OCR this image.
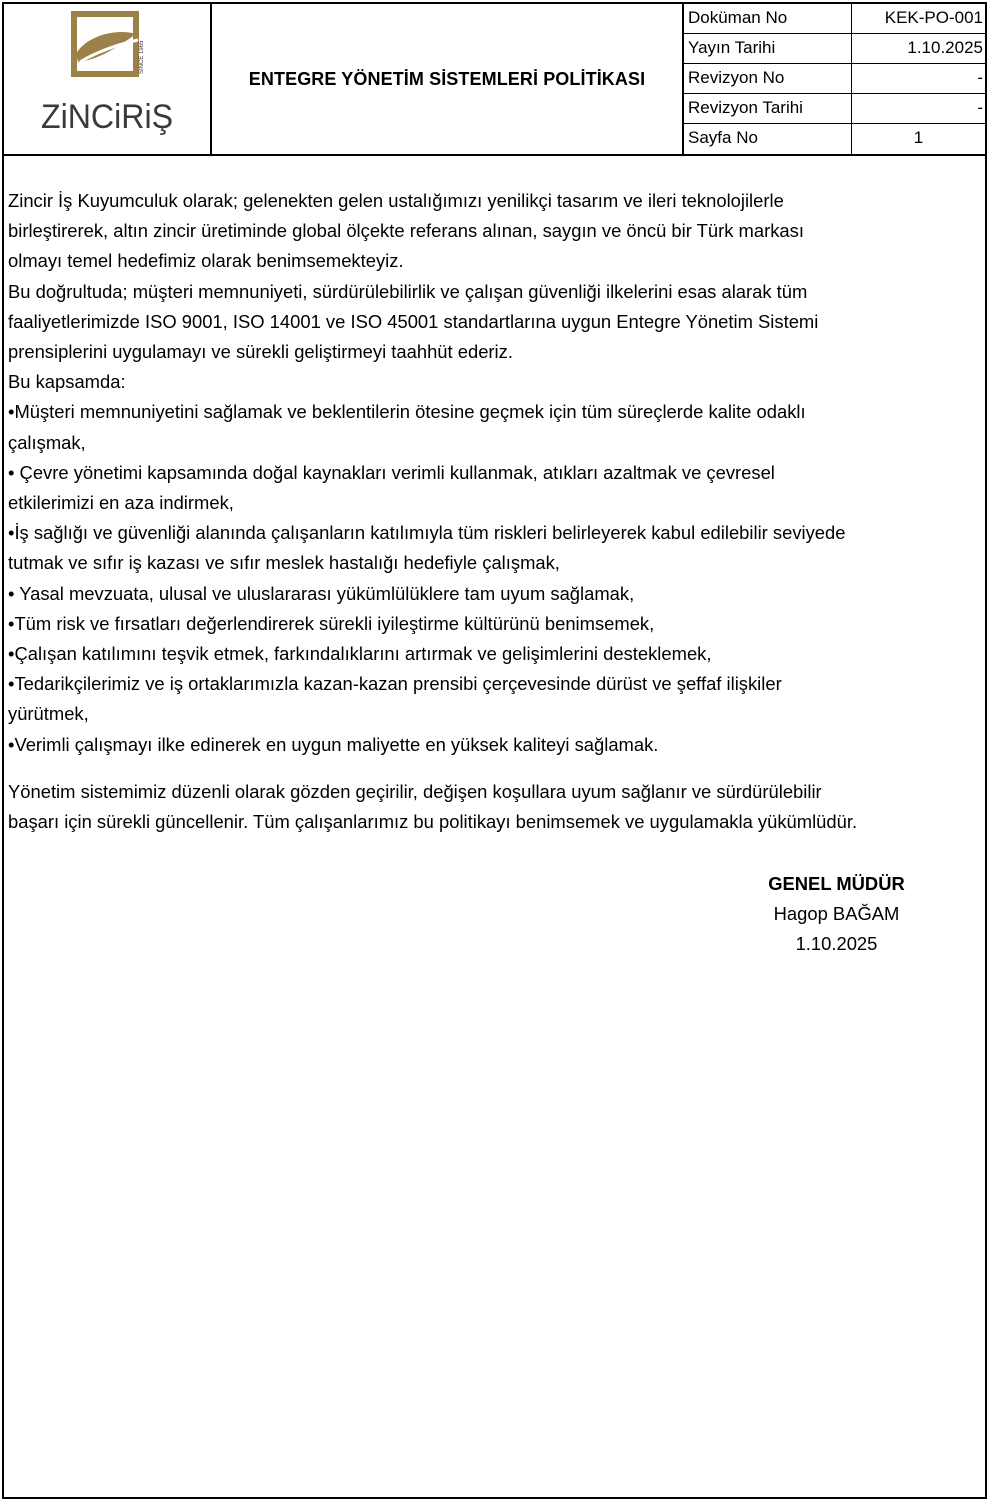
SINCE 1965
ZiNCiRiŞ
ENTEGRE YÖNETİM SİSTEMLERİ POLİTİKASI
Doküman No	KEK-PO-001
Yayın Tarihi	1.10.2025
Revizyon No	-
Revizyon Tarihi	-
Sayfa No	1

Zincir İş Kuyumculuk olarak; gelenekten gelen ustalığımızı yenilikçi tasarım ve ileri teknolojilerle

birleştirerek, altın zincir üretiminde global ölçekte referans alınan, saygın ve öncü bir Türk markası

olmayı temel hedefimiz olarak benimsemekteyiz.

Bu doğrultuda; müşteri memnuniyeti, sürdürülebilirlik ve çalışan güvenliği ilkelerini esas alarak tüm

faaliyetlerimizde ISO 9001, ISO 14001 ve ISO 45001 standartlarına uygun Entegre Yönetim Sistemi

prensiplerini uygulamayı ve sürekli geliştirmeyi taahhüt ederiz.

Bu kapsamda:

•Müşteri memnuniyetini sağlamak ve beklentilerin ötesine geçmek için tüm süreçlerde kalite odaklı

çalışmak,

• Çevre yönetimi kapsamında doğal kaynakları verimli kullanmak, atıkları azaltmak ve çevresel

etkilerimizi en aza indirmek,

•İş sağlığı ve güvenliği alanında çalışanların katılımıyla tüm riskleri belirleyerek kabul edilebilir seviyede

tutmak ve sıfır iş kazası ve sıfır meslek hastalığı hedefiyle çalışmak,

• Yasal mevzuata, ulusal ve uluslararası yükümlülüklere tam uyum sağlamak,

•Tüm risk ve fırsatları değerlendirerek sürekli iyileştirme kültürünü benimsemek,

•Çalışan katılımını teşvik etmek, farkındalıklarını artırmak ve gelişimlerini desteklemek,

•Tedarikçilerimiz ve iş ortaklarımızla kazan-kazan prensibi çerçevesinde dürüst ve şeffaf ilişkiler

yürütmek,

•Verimli çalışmayı ilke edinerek en uygun maliyette en yüksek kaliteyi sağlamak.

Yönetim sistemimiz düzenli olarak gözden geçirilir, değişen koşullara uyum sağlanır ve sürdürülebilir

başarı için sürekli güncellenir. Tüm çalışanlarımız bu politikayı benimsemek ve uygulamakla yükümlüdür.

GENEL MÜDÜR
Hagop BAĞAM
1.10.2025
